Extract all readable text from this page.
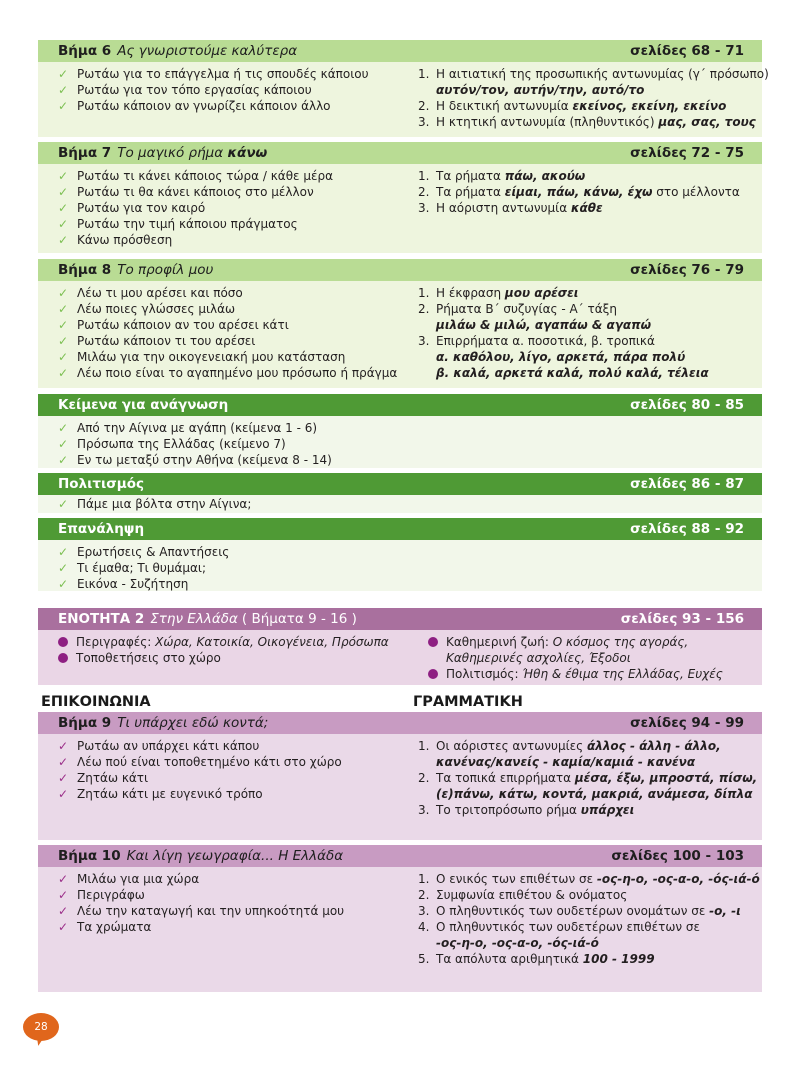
Βήμα 6 Ας γνωριστούμε καλύτερα	σελίδες 68 - 71
✓ Ρωτάω για το επάγγελμα ή τις σπουδές κάποιου
✓ Ρωτάω για τον τόπο εργασίας κάποιου
✓ Ρωτάω κάποιον αν γνωρίζει κάποιον άλλο
1. Η αιτιατική της προσωπικής αντωνυμίας (γ΄ πρόσωπο)
αυτόν/τον, αυτήν/την, αυτό/το
2. Η δεικτική αντωνυμία εκείνος, εκείνη, εκείνο
3. Η κτητική αντωνυμία (πληθυντικός) μας, σας, τους
Βήμα 7 Το μαγικό ρήμα κάνω	σελίδες 72 - 75
✓ Ρωτάω τι κάνει κάποιος τώρα / κάθε μέρα
✓ Ρωτάω τι θα κάνει κάποιος στο μέλλον
✓ Ρωτάω για τον καιρό
✓ Ρωτάω την τιμή κάποιου πράγματος
✓ Κάνω πρόσθεση
1. Τα ρήματα πάω, ακούω
2. Τα ρήματα είμαι, πάω, κάνω, έχω στο μέλλοντα
3. Η αόριστη αντωνυμία κάθε
Βήμα 8 Το προφίλ μου	σελίδες 76 - 79
✓ Λέω τι μου αρέσει και πόσο
✓ Λέω ποιες γλώσσες μιλάω
✓ Ρωτάω κάποιον αν του αρέσει κάτι
✓ Ρωτάω κάποιον τι του αρέσει
✓ Μιλάω για την οικογενειακή μου κατάσταση
✓ Λέω ποιο είναι το αγαπημένο μου πρόσωπο ή πράγμα
1. Η έκφραση μου αρέσει
2. Ρήματα Β΄ συζυγίας - Α΄ τάξη
μιλάω & μιλώ, αγαπάω & αγαπώ
3. Επιρρήματα α. ποσοτικά, β. τροπικά
α. καθόλου, λίγο, αρκετά, πάρα πολύ
β. καλά, αρκετά καλά, πολύ καλά, τέλεια
Κείμενα για ανάγνωση	σελίδες 80 - 85
✓ Από την Αίγινα με αγάπη (κείμενα 1 - 6)
✓ Πρόσωπα της Ελλάδας (κείμενο 7)
✓ Εν τω μεταξύ στην Αθήνα (κείμενα 8 - 14)
Πολιτισμός	σελίδες 86 - 87
✓ Πάμε μια βόλτα στην Αίγινα;
Επανάληψη	σελίδες 88 - 92
✓ Ερωτήσεις & Απαντήσεις
✓ Τι έμαθα; Τι θυμάμαι;
✓ Εικόνα - Συζήτηση
ΕΝΟΤΗΤΑ 2 Στην Ελλάδα ( Βήματα 9 - 16 )	σελίδες 93 - 156
Περιγραφές: Χώρα, Κατοικία, Οικογένεια, Πρόσωπα
Τοποθετήσεις στο χώρο
Καθημερινή ζωή: Ο κόσμος της αγοράς, Καθημερινές ασχολίες, Έξοδοι
Πολιτισμός: Ήθη & έθιμα της Ελλάδας, Ευχές
ΕΠΙΚΟΙΝΩΝΙΑ	ΓΡΑΜΜΑΤΙΚΗ
Βήμα 9 Τι υπάρχει εδώ κοντά;	σελίδες 94 - 99
✓ Ρωτάω αν υπάρχει κάτι κάπου
✓ Λέω πού είναι τοποθετημένο κάτι στο χώρο
✓ Ζητάω κάτι
✓ Ζητάω κάτι με ευγενικό τρόπο
1. Οι αόριστες αντωνυμίες άλλος - άλλη - άλλο,
κανένας/κανείς - καμία/καμιά - κανένα
2. Τα τοπικά επιρρήματα μέσα, έξω, μπροστά, πίσω,
(ε)πάνω, κάτω, κοντά, μακριά, ανάμεσα, δίπλα
3. Το τριτοπρόσωπο ρήμα υπάρχει
Βήμα 10 Και λίγη γεωγραφία... Η Ελλάδα	σελίδες 100 - 103
✓ Μιλάω για μια χώρα
✓ Περιγράφω
✓ Λέω την καταγωγή και την υπηκοότητά μου
✓ Τα χρώματα
1. Ο ενικός των επιθέτων σε -ος-η-ο, -ος-α-ο, -ός-ιά-ό
2. Συμφωνία επιθέτου & ονόματος
3. Ο πληθυντικός των ουδετέρων ονομάτων σε -ο, -ι
4. Ο πληθυντικός των ουδετέρων επιθέτων σε
-ος-η-ο, -ος-α-ο, -ός-ιά-ό
5. Τα απόλυτα αριθμητικά 100 - 1999
28
